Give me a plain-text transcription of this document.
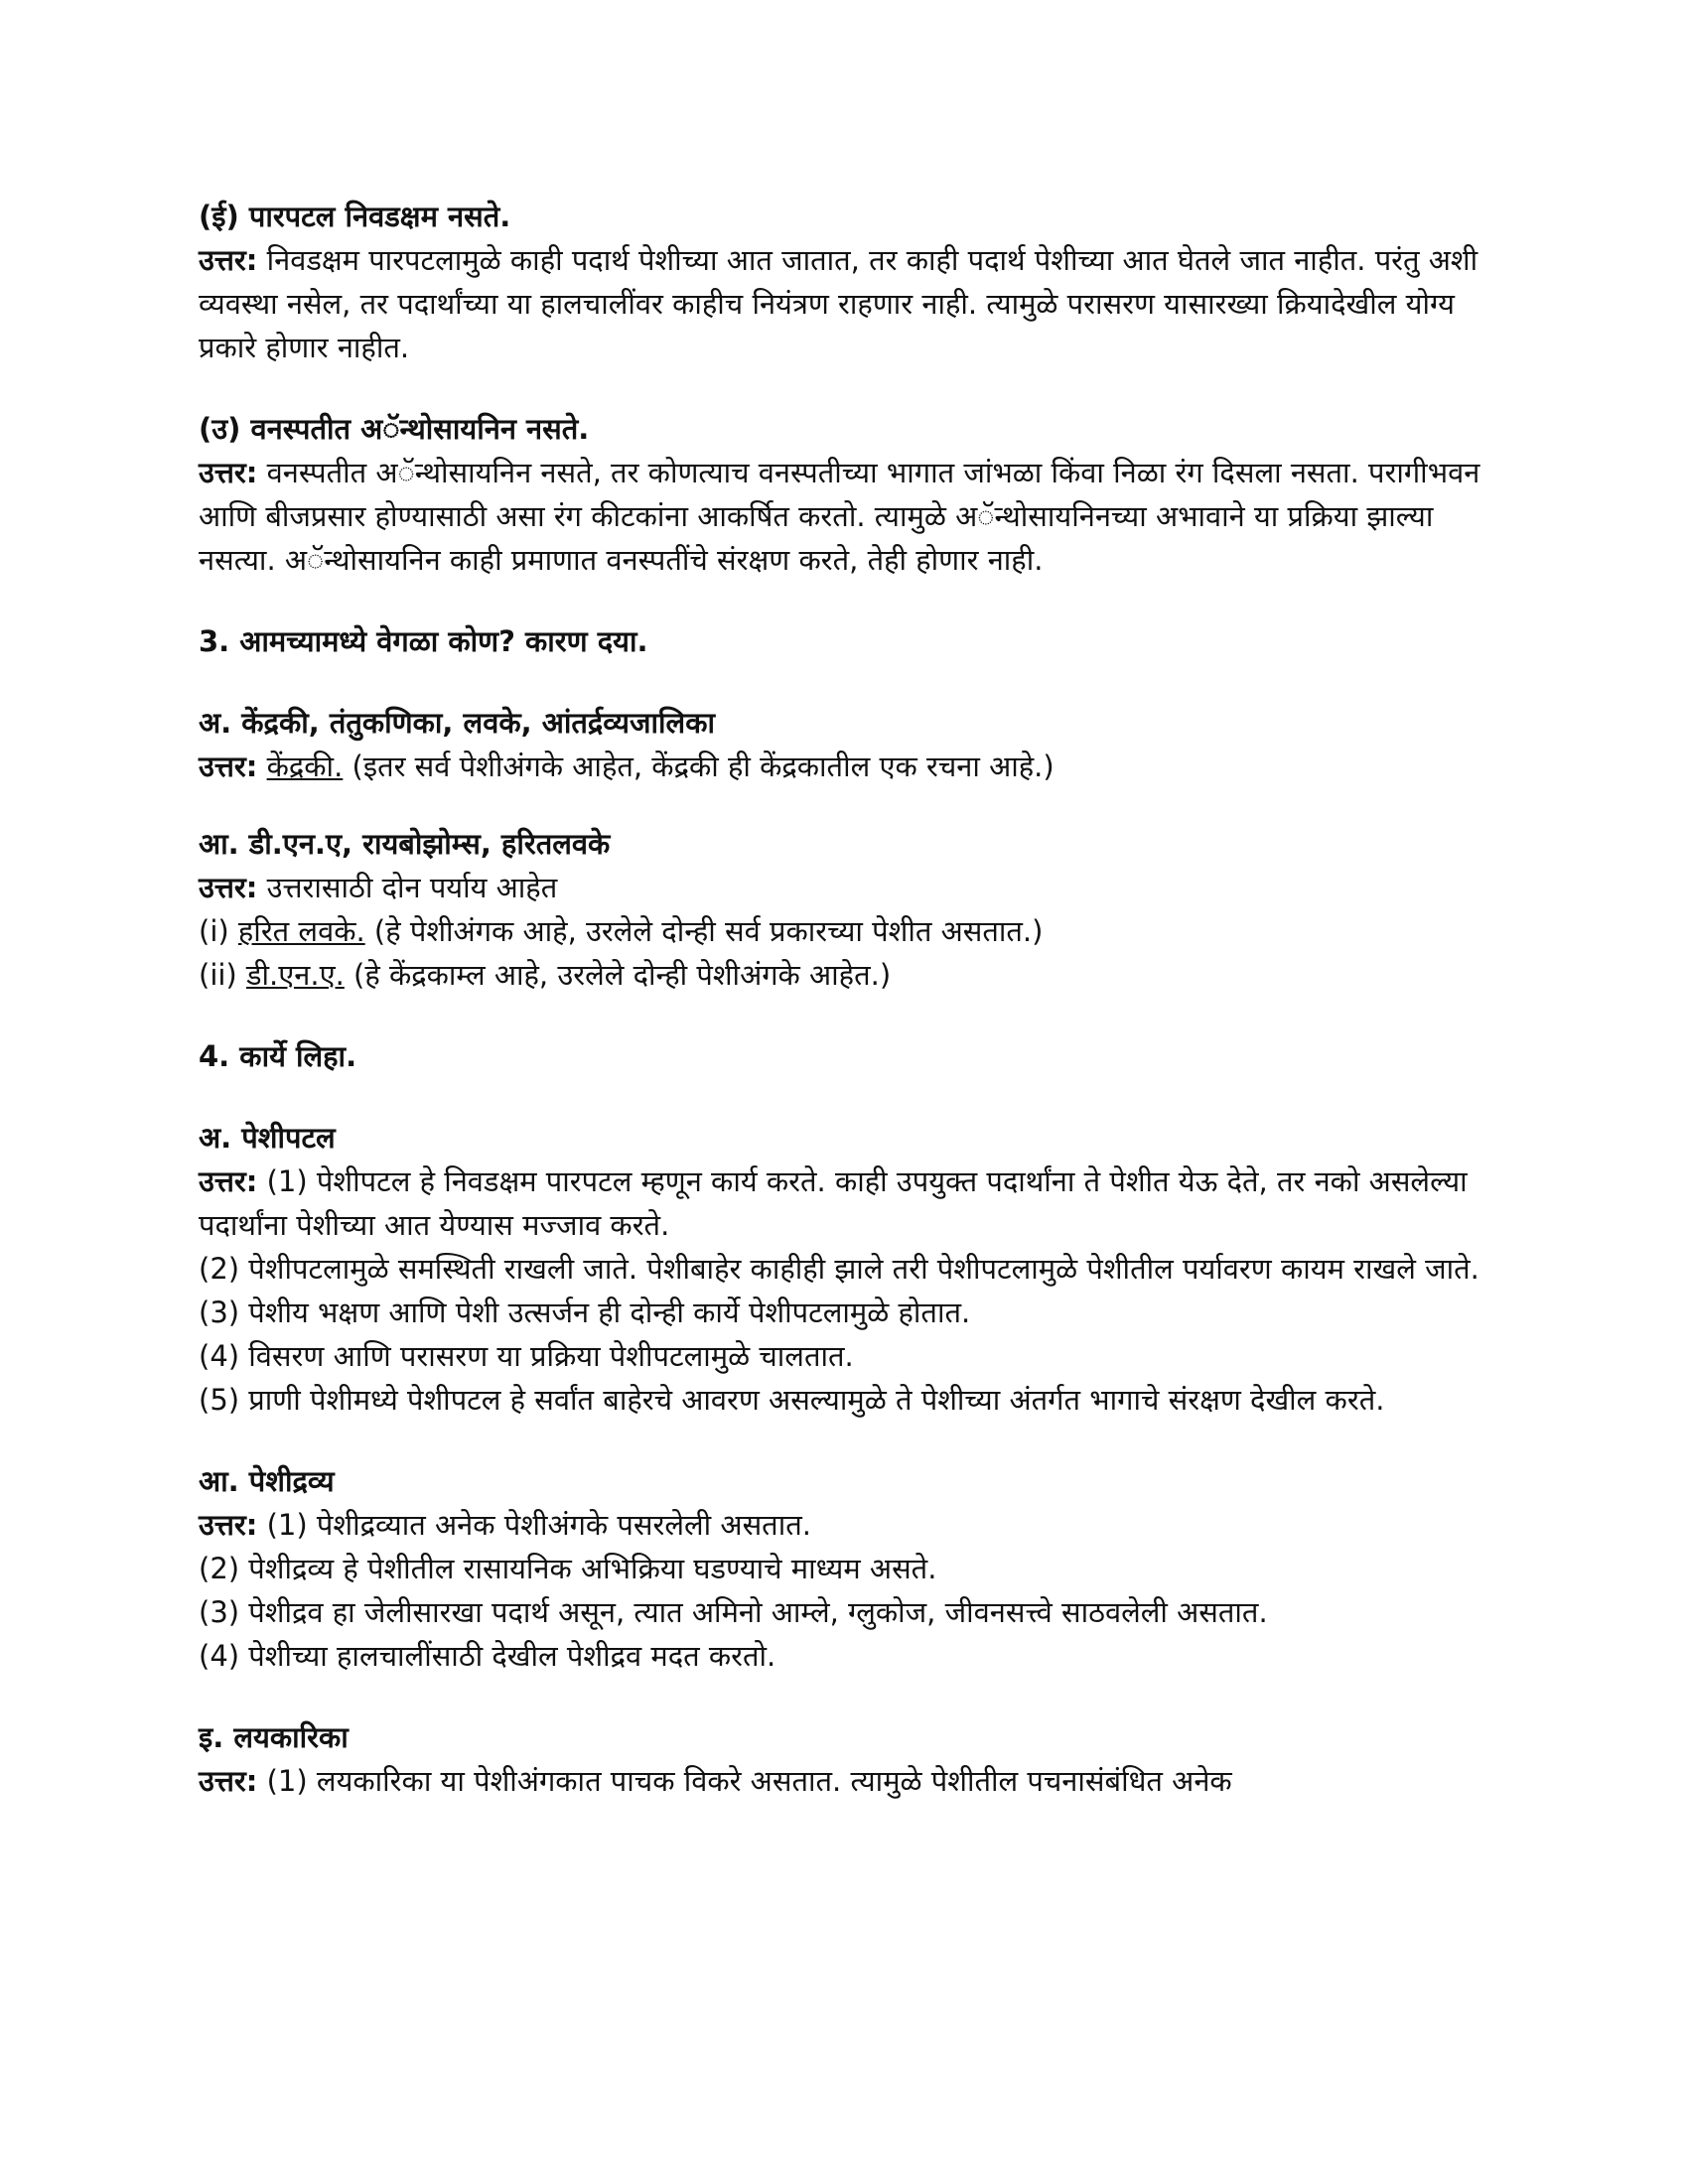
(ई) पारपटल निवडक्षम नसते.

उत्तर: निवडक्षम पारपटलामुळे काही पदार्थ पेशीच्या आत जातात, तर काही पदार्थ पेशीच्या आत घेतले जात नाहीत. परंतु अशी व्यवस्था नसेल, तर पदार्थांच्या या हालचालींवर काहीच नियंत्रण राहणार नाही. त्यामुळे परासरण यासारख्या क्रियादेखील योग्य प्रकारे होणार नाहीत.

(उ) वनस्पतीत अॅन्थोसायनिन नसते.

उत्तर: वनस्पतीत अॅन्थोसायनिन नसते, तर कोणत्याच वनस्पतीच्या भागात जांभळा किंवा निळा रंग दिसला नसता. परागीभवन आणि बीजप्रसार होण्यासाठी असा रंग कीटकांना आकर्षित करतो. त्यामुळे अॅन्थोसायनिनच्या अभावाने या प्रक्रिया झाल्या नसत्या. अॅन्थोसायनिन काही प्रमाणात वनस्पतींचे संरक्षण करते, तेही होणार नाही.

3. आमच्यामध्ये वेगळा कोण? कारण दया.

अ. केंद्रकी, तंतुकणिका, लवके, आंतर्द्रव्यजालिका

उत्तर: केंद्रकी. (इतर सर्व पेशीअंगके आहेत, केंद्रकी ही केंद्रकातील एक रचना आहे.)

आ. डी.एन.ए, रायबोझोम्स, हरितलवके

उत्तर: उत्तरासाठी दोन पर्याय आहेत

(i) हरित लवके. (हे पेशीअंगक आहे, उरलेले दोन्ही सर्व प्रकारच्या पेशीत असतात.)

(ii) डी.एन.ए. (हे केंद्रकाम्ल आहे, उरलेले दोन्ही पेशीअंगके आहेत.)

4. कार्ये लिहा.

अ. पेशीपटल

उत्तर: (1) पेशीपटल हे निवडक्षम पारपटल म्हणून कार्य करते. काही उपयुक्त पदार्थांना ते पेशीत येऊ देते, तर नको असलेल्या पदार्थांना पेशीच्या आत येण्यास मज्जाव करते.

(2) पेशीपटलामुळे समस्थिती राखली जाते. पेशीबाहेर काहीही झाले तरी पेशीपटलामुळे पेशीतील पर्यावरण कायम राखले जाते.

(3) पेशीय भक्षण आणि पेशी उत्सर्जन ही दोन्ही कार्ये पेशीपटलामुळे होतात.

(4) विसरण आणि परासरण या प्रक्रिया पेशीपटलामुळे चालतात.

(5) प्राणी पेशीमध्ये पेशीपटल हे सर्वांत बाहेरचे आवरण असल्यामुळे ते पेशीच्या अंतर्गत भागाचे संरक्षण देखील करते.

आ. पेशीद्रव्य

उत्तर: (1) पेशीद्रव्यात अनेक पेशीअंगके पसरलेली असतात.

(2) पेशीद्रव्य हे पेशीतील रासायनिक अभिक्रिया घडण्याचे माध्यम असते.

(3) पेशीद्रव हा जेलीसारखा पदार्थ असून, त्यात अमिनो आम्ले, ग्लुकोज, जीवनसत्त्वे साठवलेली असतात.

(4) पेशीच्या हालचालींसाठी देखील पेशीद्रव मदत करतो.

इ. लयकारिका

उत्तर: (1) लयकारिका या पेशीअंगकात पाचक विकरे असतात. त्यामुळे पेशीतील पचनासंबंधित अनेक
